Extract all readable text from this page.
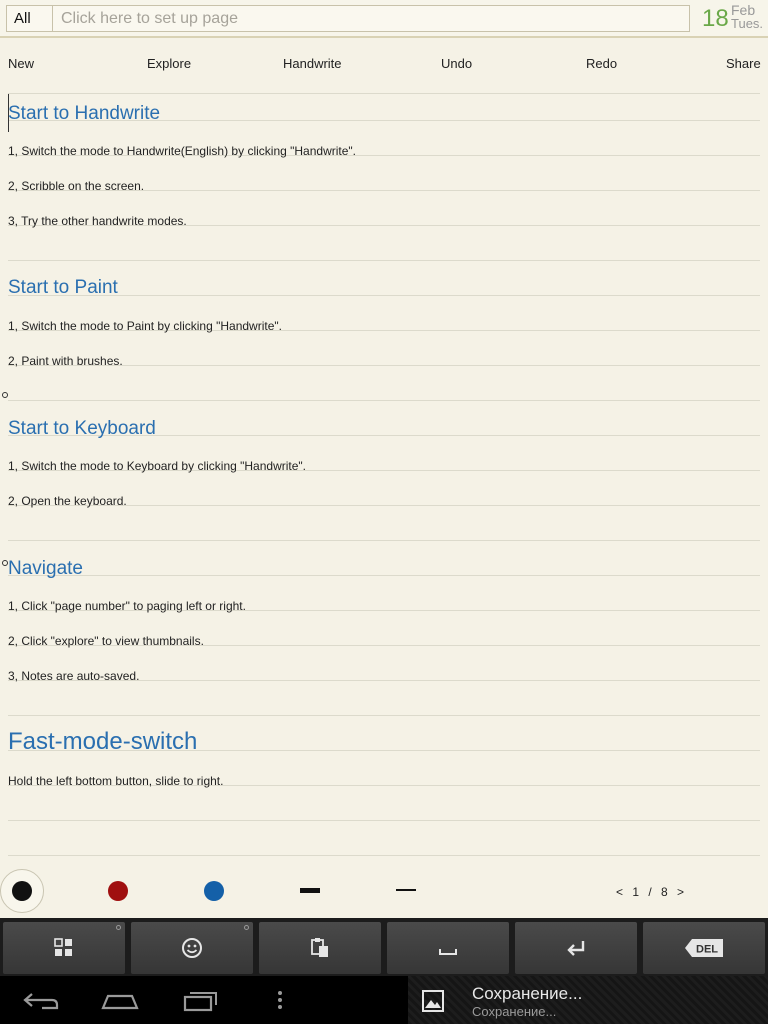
All
Click here to set up page	18 Feb
Tues.
New	Explore	Handwrite	Undo	Redo	Share
Start to Handwrite
1, Switch the mode to Handwrite(English) by clicking "Handwrite".
2, Scribble on the screen.
3, Try the other handwrite modes.
Start to Paint
1, Switch the mode to Paint by clicking "Handwrite".
2, Paint with brushes.
Start to Keyboard
1, Switch the mode to Keyboard by clicking "Handwrite".
2, Open the keyboard.
Navigate
1, Click "page number" to paging left or right.
2, Click "explore" to view thumbnails.
3, Notes are auto-saved.
Fast-mode-switch
Hold the left bottom button, slide to right.
< 1 / 8 >
DEL
Сохранение...
Сохранение...
